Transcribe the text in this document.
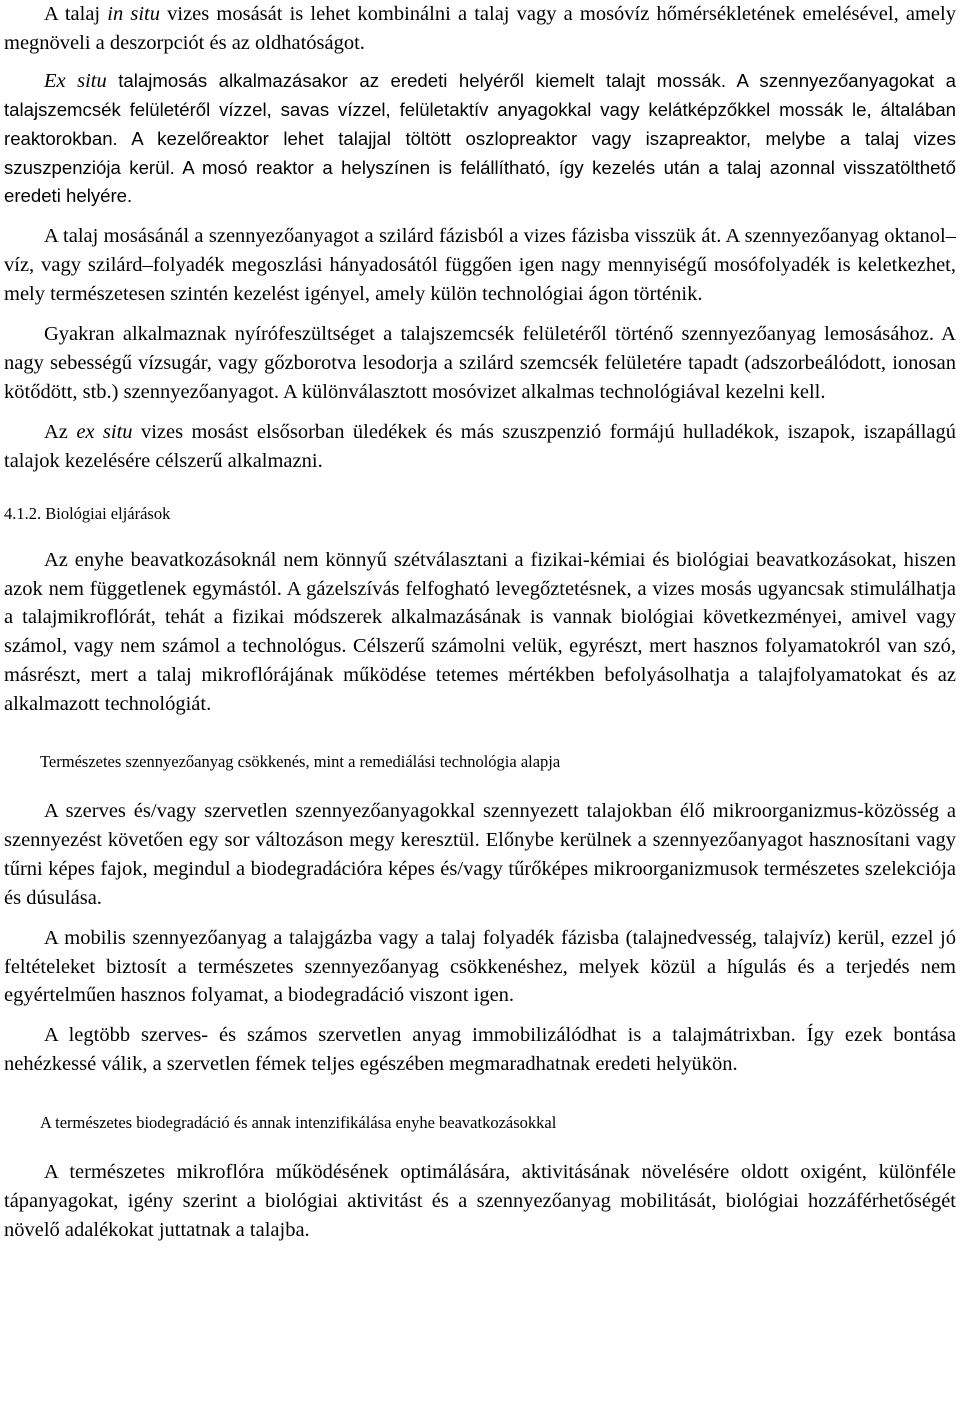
A talaj in situ vizes mosását is lehet kombinálni a talaj vagy a mosóvíz hőmérsékletének emelésével, amely megnöveli a deszorpciót és az oldhatóságot.

Ex situ talajmosás alkalmazásakor az eredeti helyéről kiemelt talajt mossák. A szennyezőanyagokat a talajszemcsék felületéről vízzel, savas vízzel, felületaktív anyagokkal vagy kelátképzőkkel mossák le, általában reaktorokban. A kezelőreaktor lehet talajjal töltött oszlopreaktor vagy iszapreaktor, melybe a talaj vizes szuszpenziója kerül. A mosó reaktor a helyszínen is felállítható, így kezelés után a talaj azonnal visszatölthető eredeti helyére.

A talaj mosásánál a szennyezőanyagot a szilárd fázisból a vizes fázisba visszük át. A szennyezőanyag oktanol–víz, vagy szilárd–folyadék megoszlási hányadosától függően igen nagy mennyiségű mosófolyadék is keletkezhet, mely természetesen szintén kezelést igényel, amely külön technológiai ágon történik.

Gyakran alkalmaznak nyírófeszültséget a talajszemcsék felületéről történő szennyezőanyag lemosásához. A nagy sebességű vízsugár, vagy gőzborotva lesodorja a szilárd szemcsék felületére tapadt (adszorbeálódott, ionosan kötődött, stb.) szennyezőanyagot. A különválasztott mosóvizet alkalmas technológiával kezelni kell.

Az ex situ vizes mosást elsősorban üledékek és más szuszpenzió formájú hulladékok, iszapok, iszapállagú talajok kezelésére célszerű alkalmazni.

4.1.2. Biológiai eljárások

Az enyhe beavatkozásoknál nem könnyű szétválasztani a fizikai-kémiai és biológiai beavatkozásokat, hiszen azok nem függetlenek egymástól. A gázelszívás felfogható levegőztetésnek, a vizes mosás ugyancsak stimulálhatja a talajmikroflórát, tehát a fizikai módszerek alkalmazásának is vannak biológiai következményei, amivel vagy számol, vagy nem számol a technológus. Célszerű számolni velük, egyrészt, mert hasznos folyamatokról van szó, másrészt, mert a talaj mikroflórájának működése tetemes mértékben befolyásolhatja a talajfolyamatokat és az alkalmazott technológiát.

Természetes szennyezőanyag csökkenés, mint a remediálási technológia alapja

A szerves és/vagy szervetlen szennyezőanyagokkal szennyezett talajokban élő mikroorganizmus-közösség a szennyezést követően egy sor változáson megy keresztül. Előnybe kerülnek a szennyezőanyagot hasznosítani vagy tűrni képes fajok, megindul a biodegradációra képes és/vagy tűrőképes mikroorganizmusok természetes szelekciója és dúsulása.

A mobilis szennyezőanyag a talajgázba vagy a talaj folyadék fázisba (talajnedvesség, talajvíz) kerül, ezzel jó feltételeket biztosít a természetes szennyezőanyag csökkenéshez, melyek közül a hígulás és a terjedés nem egyértelműen hasznos folyamat, a biodegradáció viszont igen.

A legtöbb szerves- és számos szervetlen anyag immobilizálódhat is a talajmátrixban. Így ezek bontása nehézkessé válik, a szervetlen fémek teljes egészében megmaradhatnak eredeti helyükön.

A természetes biodegradáció és annak intenzifikálása enyhe beavatkozásokkal

A természetes mikroflóra működésének optimálására, aktivitásának növelésére oldott oxigént, különféle tápanyagokat, igény szerint a biológiai aktivitást és a szennyezőanyag mobilitását, biológiai hozzáférhetőségét növelő adalékokat juttatnak a talajba.
